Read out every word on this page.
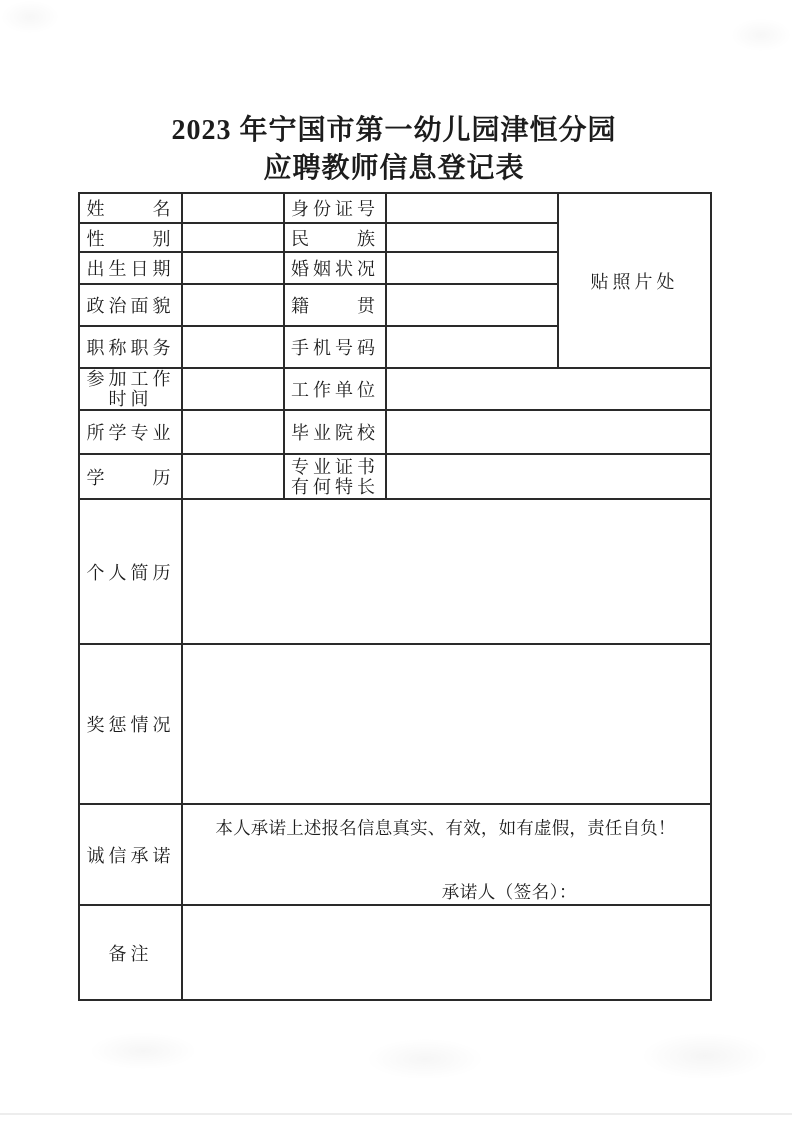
2023 年宁国市第一幼儿园津恒分园
应聘教师信息登记表
姓　　名		身份证号		贴照片处
性　　别		民　　族		
出生日期		婚姻状况		
政治面貌		籍　　贯		
职称职务		手机号码		

参加工作
时间		工作单位		
所学专业		毕业院校		
学　　历		专业证书
有何特长		

个人简历				
奖惩情况				
诚信承诺	本人承诺上述报名信息真实、有效，如有虚假，责任自负！
承诺人（签名）：			

备注				
